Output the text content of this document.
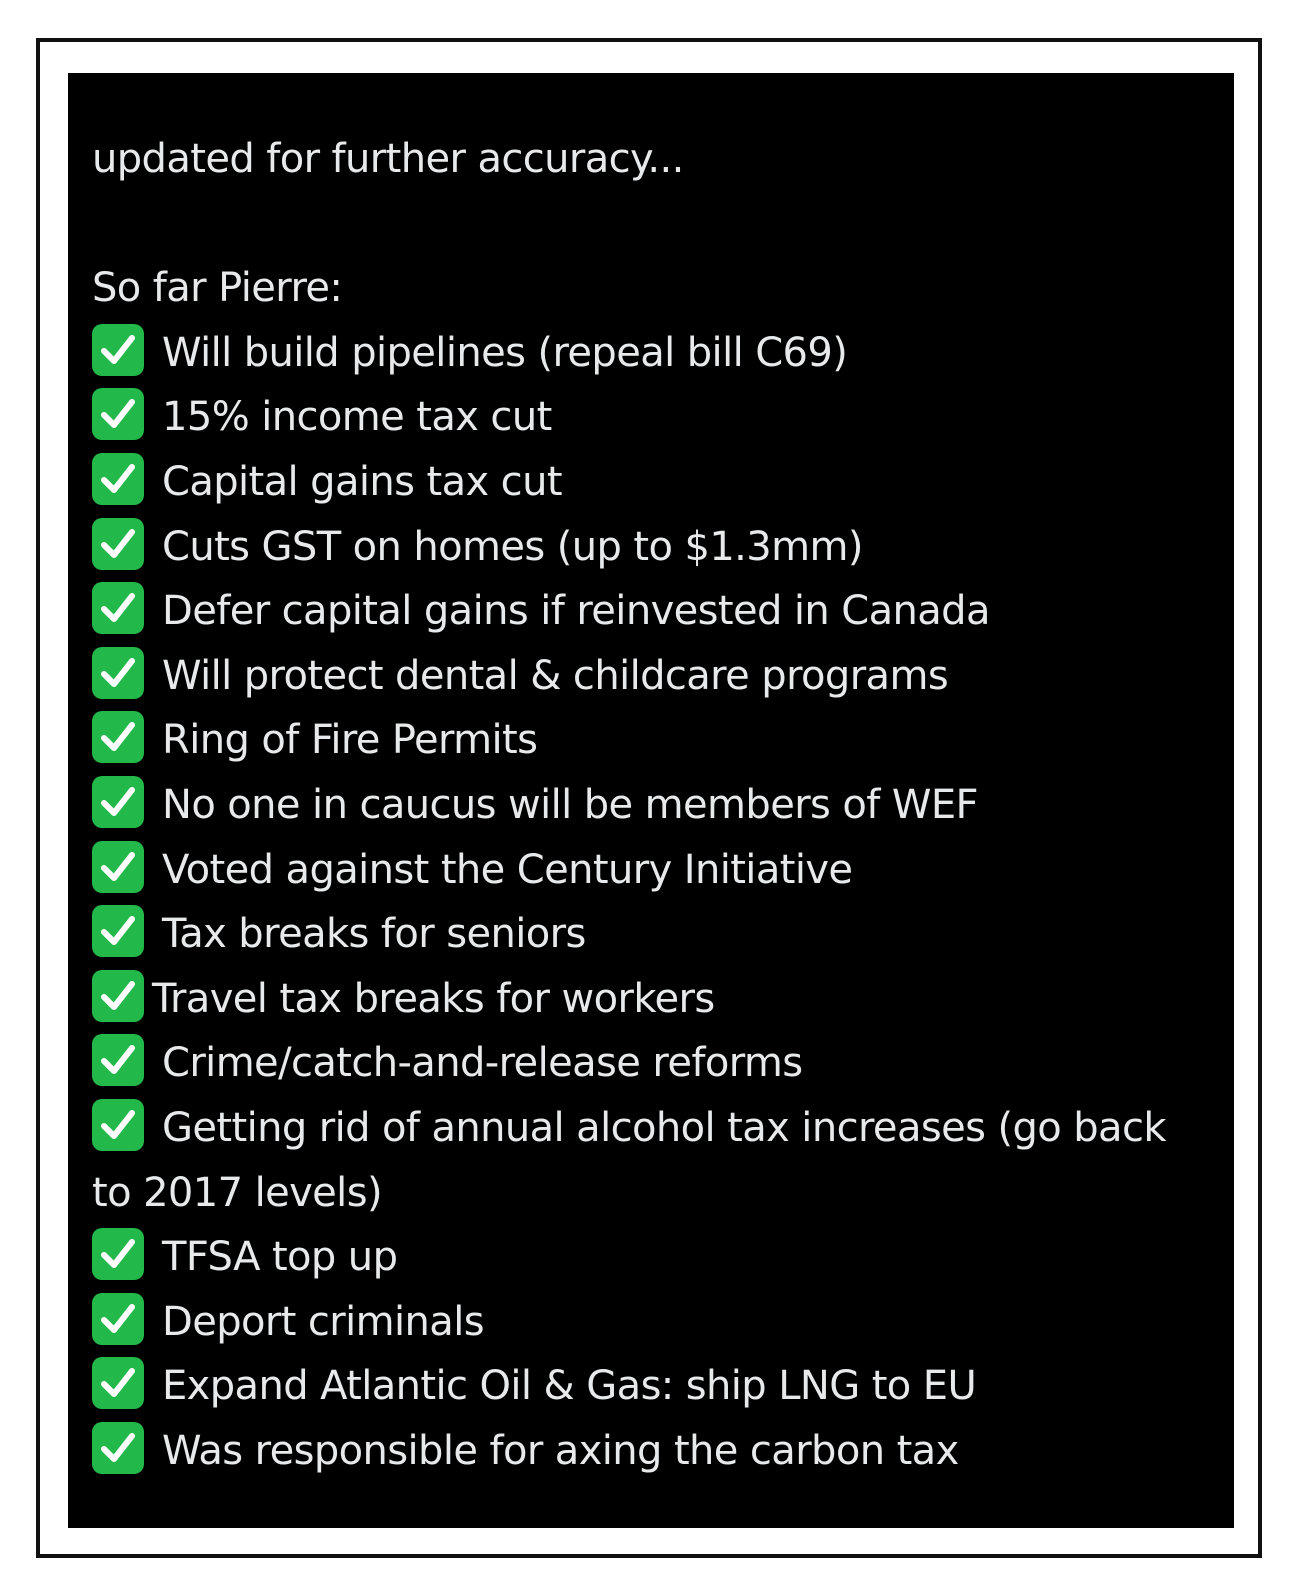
updated for further accuracy...
So far Pierre:
Will build pipelines (repeal bill C69)
15% income tax cut
Capital gains tax cut
Cuts GST on homes (up to $1.3mm)
Defer capital gains if reinvested in Canada
Will protect dental & childcare programs
Ring of Fire Permits
No one in caucus will be members of WEF
Voted against the Century Initiative
Tax breaks for seniors
Travel tax breaks for workers
Crime/catch-and-release reforms
Getting rid of annual alcohol tax increases (go back to 2017 levels)
TFSA top up
Deport criminals
Expand Atlantic Oil & Gas: ship LNG to EU
Was responsible for axing the carbon tax
